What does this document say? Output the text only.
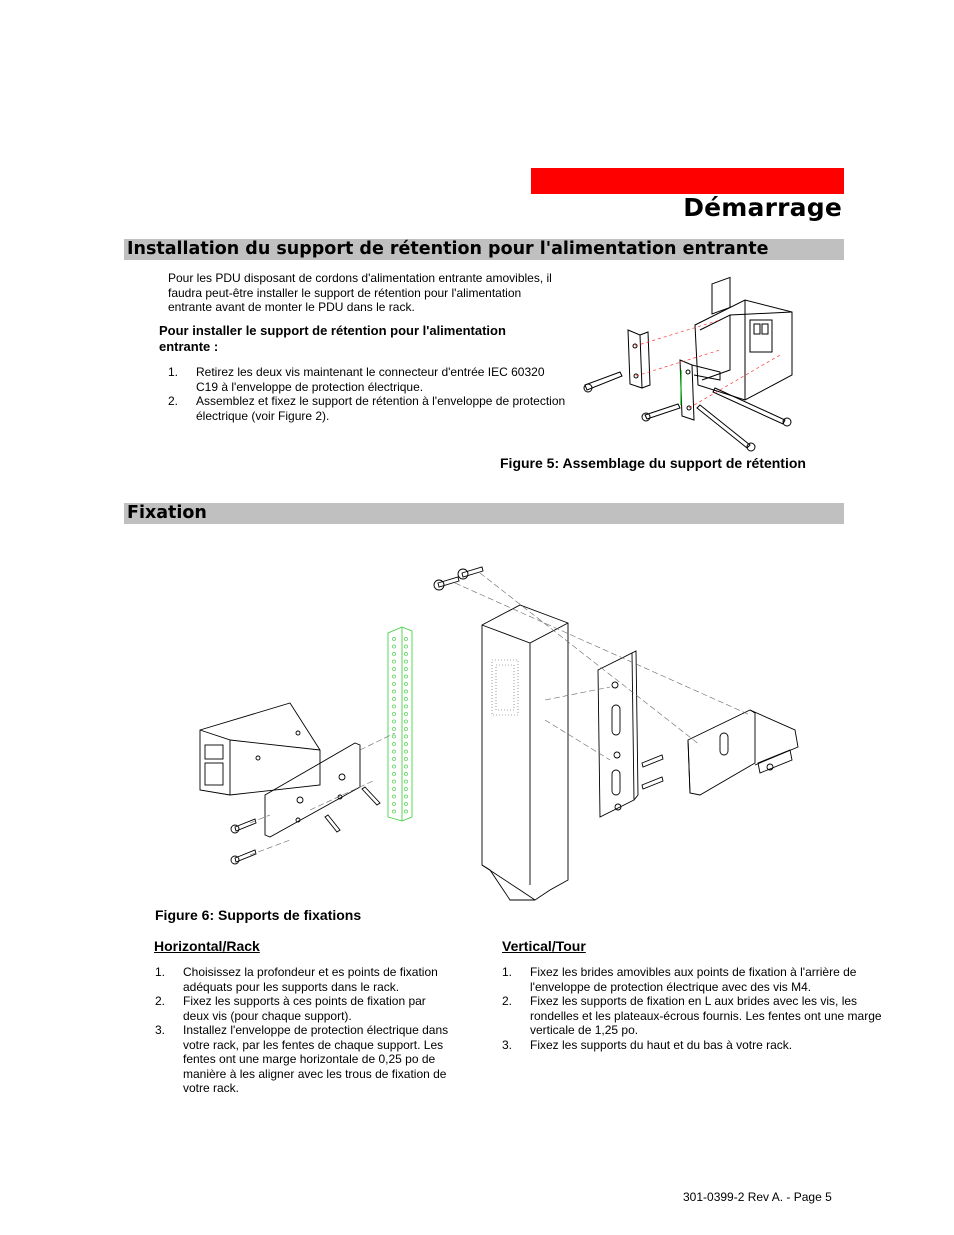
Démarrage
Installation du support de rétention pour l'alimentation entrante
Pour les PDU disposant de cordons d'alimentation entrante amovibles, il faudra peut-être installer le support de rétention pour l'alimentation entrante avant de monter le PDU dans le rack.
Pour installer le support de rétention pour l'alimentation entrante :
1. Retirez les deux vis maintenant le connecteur d'entrée IEC 60320 C19 à l'enveloppe de protection électrique.
2. Assemblez et fixez le support de rétention à l'enveloppe de protection électrique (voir Figure 2).
Figure 5: Assemblage du support de rétention
Fixation
Figure 6: Supports de fixations
Horizontal/Rack	Vertical/Tour
1. Choisissez la profondeur et es points de fixation adéquats pour les supports dans le rack.
2. Fixez les supports à ces points de fixation par deux vis (pour chaque support).
3. Installez l'enveloppe de protection électrique dans votre rack, par les fentes de chaque support. Les fentes ont une marge horizontale de 0,25 po de manière à les aligner avec les trous de fixation de votre rack.
1. Fixez les brides amovibles aux points de fixation à l'arrière de l'enveloppe de protection électrique avec des vis M4.
2. Fixez les supports de fixation en L aux brides avec les vis, les rondelles et les plateaux-écrous fournis. Les fentes ont une marge verticale de 1,25 po.
3. Fixez les supports du haut et du bas à votre rack.
301-0399-2 Rev A. - Page 5
